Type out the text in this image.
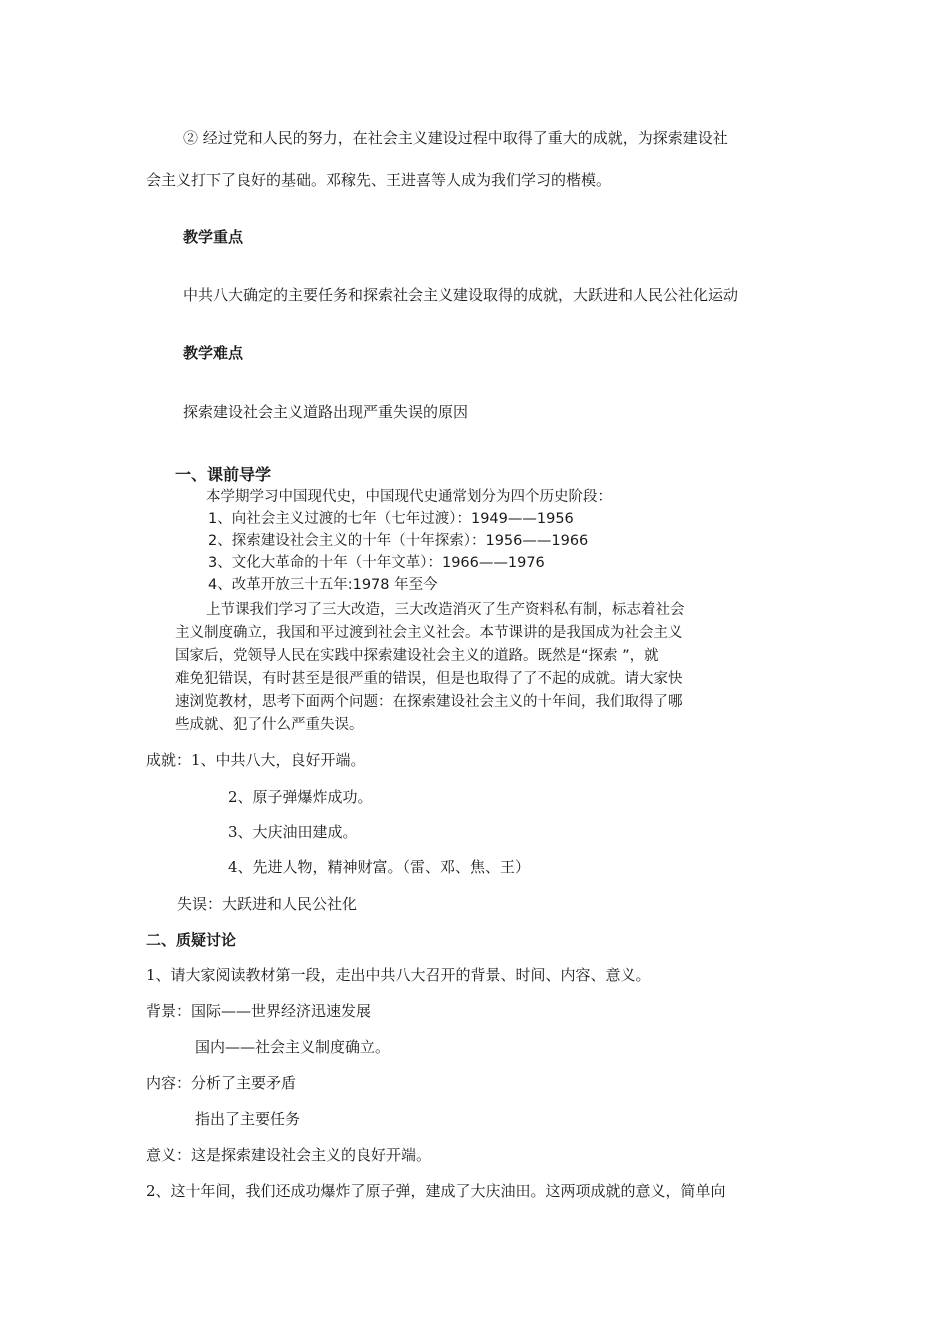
② 经过党和人民的努力，在社会主义建设过程中取得了重大的成就，为探索建设社
会主义打下了良好的基础。邓稼先、王进喜等人成为我们学习的楷模。
教学重点
中共八大确定的主要任务和探索社会主义建设取得的成就，大跃进和人民公社化运动
教学难点
探索建设社会主义道路出现严重失误的原因
一、课前导学
本学期学习中国现代史，中国现代史通常划分为四个历史阶段：
1、向社会主义过渡的七年（七年过渡）：1949——1956
2、探索建设社会主义的十年（十年探索）：1956——1966
3、文化大革命的十年（十年文革）：1966——1976
4、改革开放三十五年:1978 年至今
上节课我们学习了三大改造，三大改造消灭了生产资料私有制，标志着社会
主义制度确立，我国和平过渡到社会主义社会。本节课讲的是我国成为社会主义
国家后，党领导人民在实践中探索建设社会主义的道路。既然是“探索 ”，就
难免犯错误，有时甚至是很严重的错误，但是也取得了了不起的成就。请大家快
速浏览教材，思考下面两个问题：在探索建设社会主义的十年间，我们取得了哪
些成就、犯了什么严重失误。
成就：1、中共八大，良好开端。
2、原子弹爆炸成功。
3、大庆油田建成。
4、先进人物，精神财富。（雷、邓、焦、王）
失误：大跃进和人民公社化
二、质疑讨论
1、请大家阅读教材第一段，走出中共八大召开的背景、时间、内容、意义。
背景：国际——世界经济迅速发展
国内——社会主义制度确立。
内容：分析了主要矛盾
指出了主要任务
意义：这是探索建设社会主义的良好开端。
2、这十年间，我们还成功爆炸了原子弹，建成了大庆油田。这两项成就的意义，简单向
